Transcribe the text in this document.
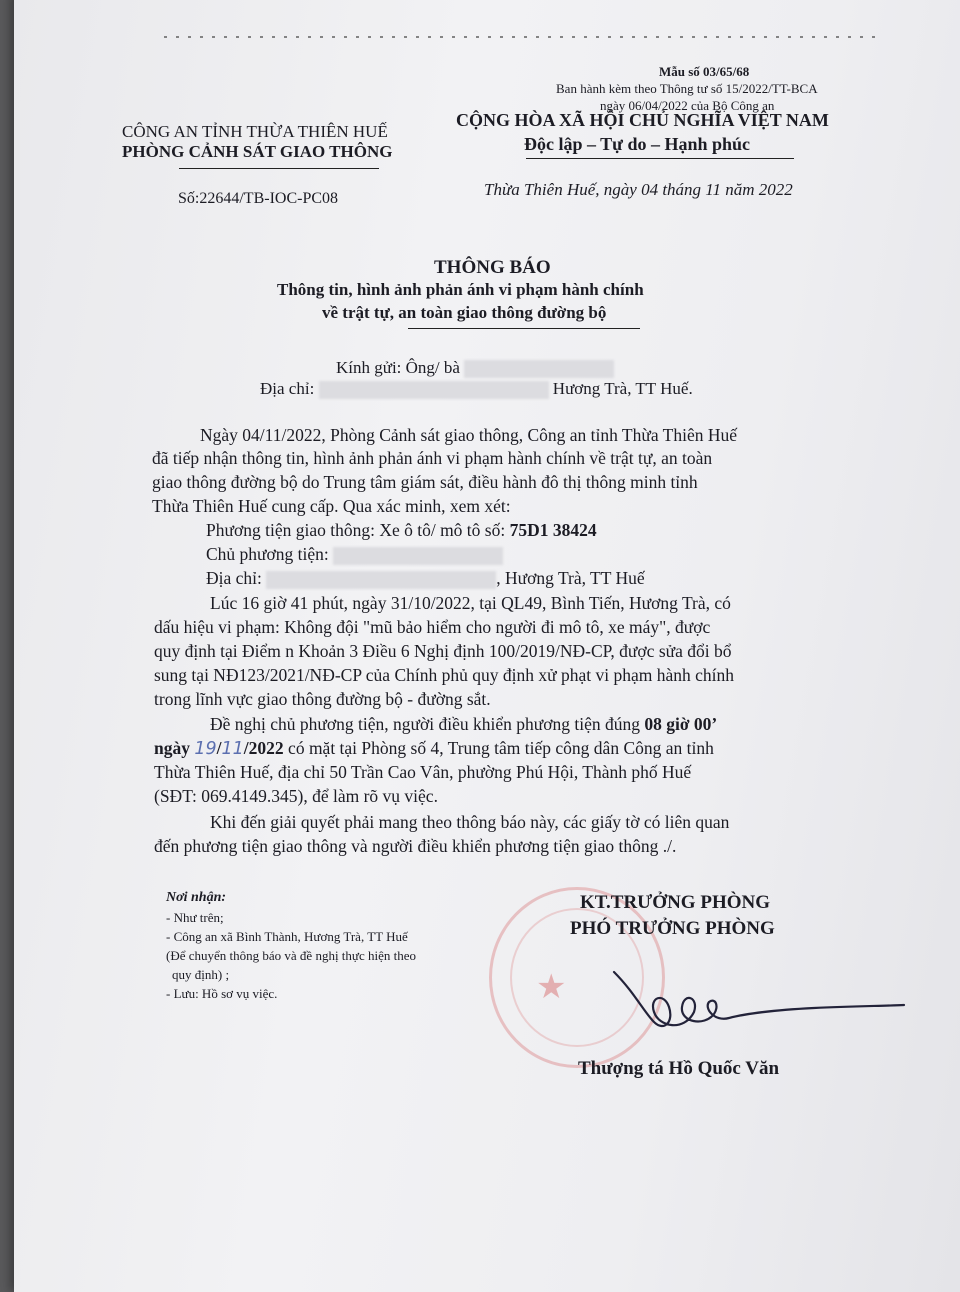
Mẫu số 03/65/68
Ban hành kèm theo Thông tư số 15/2022/TT-BCA
ngày 06/04/2022 của Bộ Công an
CÔNG AN TỈNH THỪA THIÊN HUẾ
PHÒNG CẢNH SÁT GIAO THÔNG
Số:22644/TB-IOC-PC08
CỘNG HÒA XÃ HỘI CHỦ NGHĨA VIỆT NAM
Độc lập – Tự do – Hạnh phúc
Thừa Thiên Huế, ngày 04 tháng 11 năm 2022
THÔNG BÁO
Thông tin, hình ảnh phản ánh vi phạm hành chính
về trật tự, an toàn giao thông đường bộ
Kính gửi: Ông/ bà
Địa chỉ:	Hương Trà, TT Huế.
Ngày 04/11/2022, Phòng Cảnh sát giao thông, Công an tỉnh Thừa Thiên Huế
đã tiếp nhận thông tin, hình ảnh phản ánh vi phạm hành chính về trật tự, an toàn
giao thông đường bộ do Trung tâm giám sát, điều hành đô thị thông minh tỉnh
Thừa Thiên Huế cung cấp. Qua xác minh, xem xét:
Phương tiện giao thông: Xe ô tô/ mô tô số: 75D1 38424
Chủ phương tiện:
Địa chỉ:	, Hương Trà, TT Huế
Lúc 16 giờ 41 phút, ngày 31/10/2022, tại QL49, Bình Tiến, Hương Trà, có
dấu hiệu vi phạm: Không đội "mũ bảo hiểm cho người đi mô tô, xe máy", được
quy định tại Điểm n Khoản 3 Điều 6 Nghị định 100/2019/NĐ-CP, được sửa đổi bổ
sung tại NĐ123/2021/NĐ-CP của Chính phủ quy định xử phạt vi phạm hành chính
trong lĩnh vực giao thông đường bộ - đường sắt.
Đề nghị chủ phương tiện, người điều khiển phương tiện đúng 08 giờ 00’
ngày 19/11/2022 có mặt tại Phòng số 4, Trung tâm tiếp công dân Công an tỉnh
Thừa Thiên Huế, địa chỉ 50 Trần Cao Vân, phường Phú Hội, Thành phố Huế
(SĐT: 069.4149.345), để làm rõ vụ việc.
Khi đến giải quyết phải mang theo thông báo này, các giấy tờ có liên quan
đến phương tiện giao thông và người điều khiển phương tiện giao thông ./.
Nơi nhận:
- Như trên;
- Công an xã Bình Thành, Hương Trà, TT Huế
(Để chuyển thông báo và đề nghị thực hiện theo
quy định) ;
- Lưu: Hồ sơ vụ việc.	★
KT.TRƯỞNG PHÒNG
PHÓ TRƯỞNG PHÒNG
Thượng tá Hồ Quốc Văn
